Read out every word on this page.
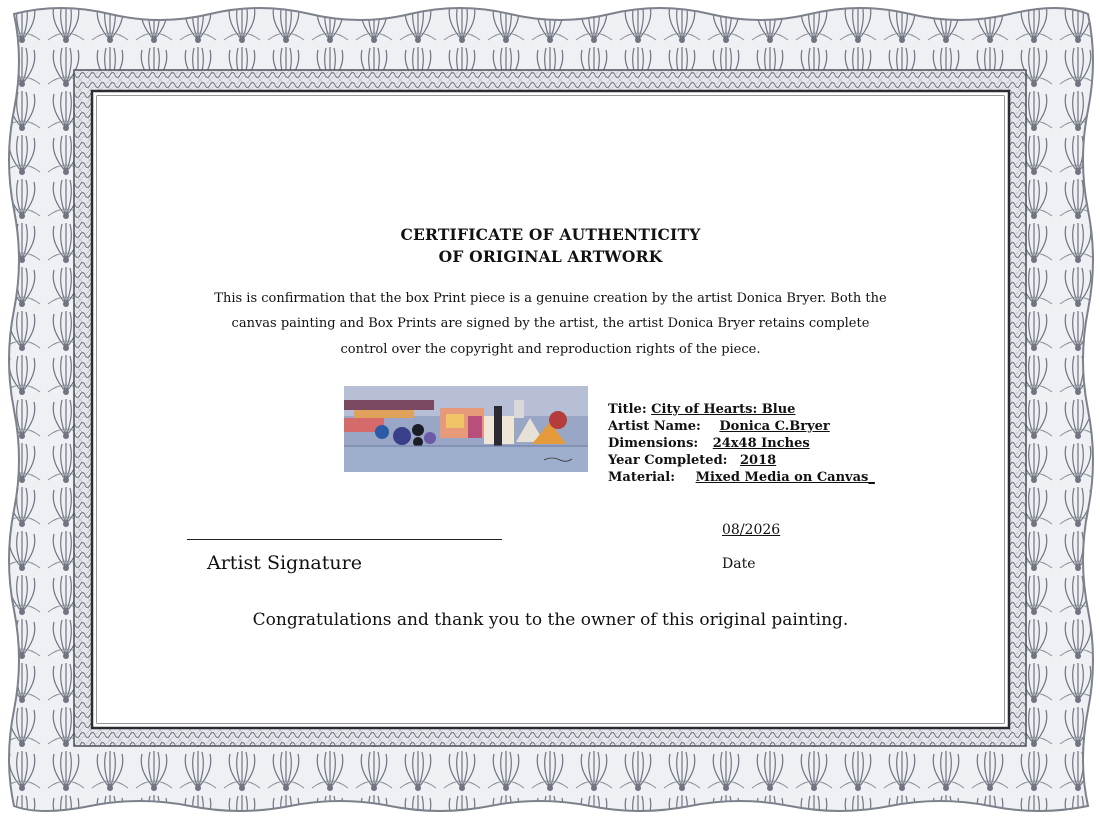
CERTIFICATE OF AUTHENTICITY
OF ORIGINAL ARTWORK
This is confirmation that the box Print piece is a genuine creation by the artist Donica Bryer. Both the
canvas painting and Box Prints are signed by the artist, the artist Donica Bryer retains complete
control over the copyright and reproduction rights of the piece.
Title: City of Hearts: Blue
Artist Name: Donica C.Bryer
Dimensions: 24x48 Inches
Year Completed: 2018
Material: Mixed Media on Canvas_
Artist Signature
08/2026
Date
Congratulations and thank you to the owner of this original painting.
